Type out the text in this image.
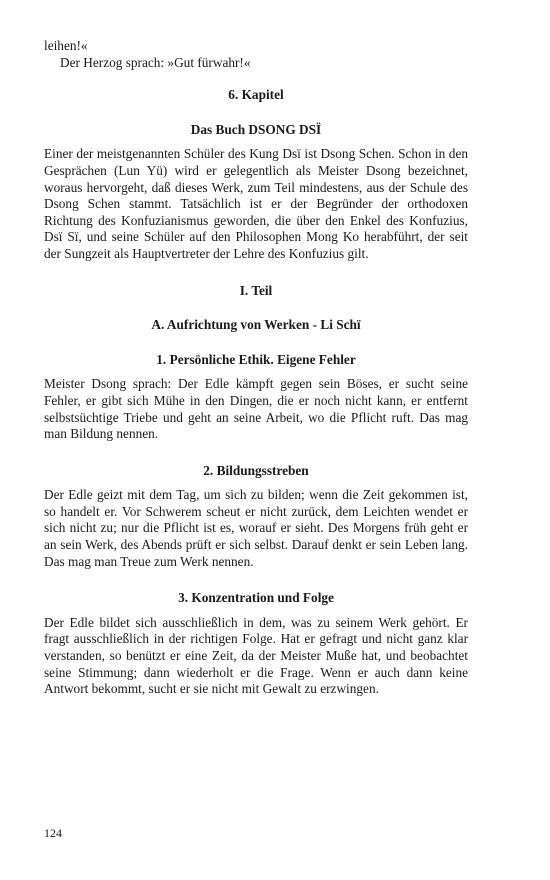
leihen!«

Der Herzog sprach: »Gut fürwahr!«

6. Kapitel
Das Buch DSONG DSÏ

Einer der meistgenannten Schüler des Kung Dsï ist Dsong Schen. Schon in den Gesprächen (Lun Yü) wird er gelegentlich als Meister Dsong bezeichnet, woraus hervorgeht, daß dieses Werk, zum Teil mindestens, aus der Schule des Dsong Schen stammt. Tatsächlich ist er der Begründer der orthodoxen Richtung des Konfuzianismus geworden, die über den Enkel des Konfuzius, Dsï Sï, und seine Schüler auf den Philosophen Mong Ko herabführt, der seit der Sungzeit als Hauptvertreter der Lehre des Konfuzius gilt.

I. Teil
A. Aufrichtung von Werken - Li Schï
1. Persönliche Ethik. Eigene Fehler

Meister Dsong sprach: Der Edle kämpft gegen sein Böses, er sucht seine Fehler, er gibt sich Mühe in den Dingen, die er noch nicht kann, er entfernt selbstsüchtige Triebe und geht an seine Arbeit, wo die Pflicht ruft. Das mag man Bildung nennen.

2. Bildungsstreben

Der Edle geizt mit dem Tag, um sich zu bilden; wenn die Zeit gekommen ist, so handelt er. Vor Schwerem scheut er nicht zurück, dem Leichten wendet er sich nicht zu; nur die Pflicht ist es, worauf er sieht. Des Morgens früh geht er an sein Werk, des Abends prüft er sich selbst. Darauf denkt er sein Leben lang. Das mag man Treue zum Werk nennen.

3. Konzentration und Folge

Der Edle bildet sich ausschließlich in dem, was zu seinem Werk gehört. Er fragt ausschließlich in der richtigen Folge. Hat er gefragt und nicht ganz klar verstanden, so benützt er eine Zeit, da der Meister Muße hat, und beobachtet seine Stimmung; dann wiederholt er die Frage. Wenn er auch dann keine Antwort bekommt, sucht er sie nicht mit Gewalt zu erzwingen.

124
